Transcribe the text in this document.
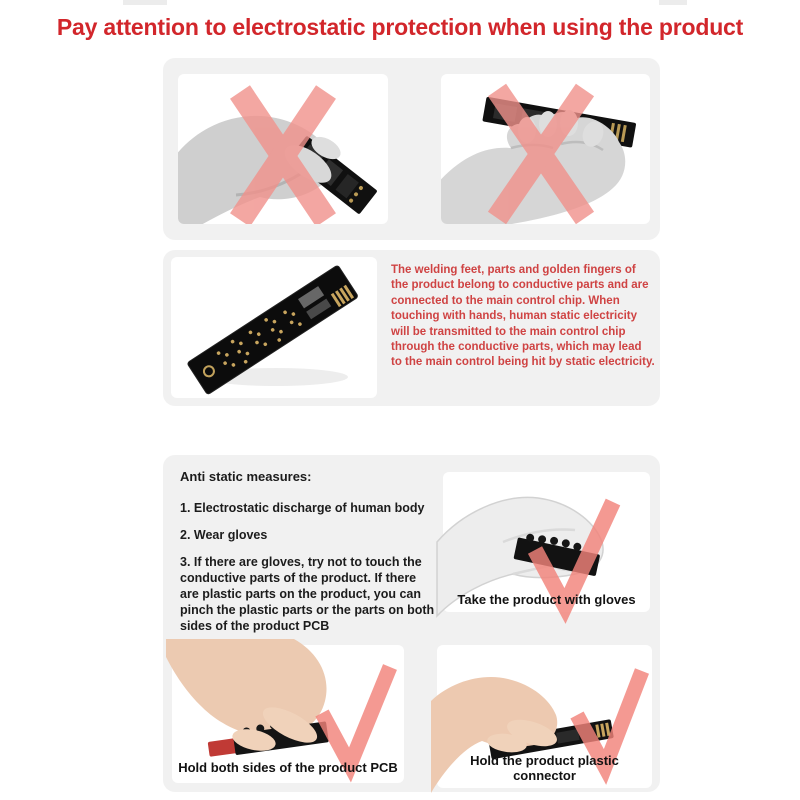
Pay attention to electrostatic protection when using the product

The welding feet, parts and golden fingers of the product belong to conductive parts and are connected to the main control chip. When touching with hands, human static electricity will be transmitted to the main control chip through the conductive parts, which may lead to the main control being hit by static electricity.

Anti static measures:

1. Electrostatic discharge of human body

2. Wear gloves

3. If there are gloves, try not to touch the conductive parts of the product. If there are plastic parts on the product, you can pinch the plastic parts or the parts on both sides of the product PCB

Take the product with gloves
Hold both sides of the product PCB	Hold the product plastic connector
